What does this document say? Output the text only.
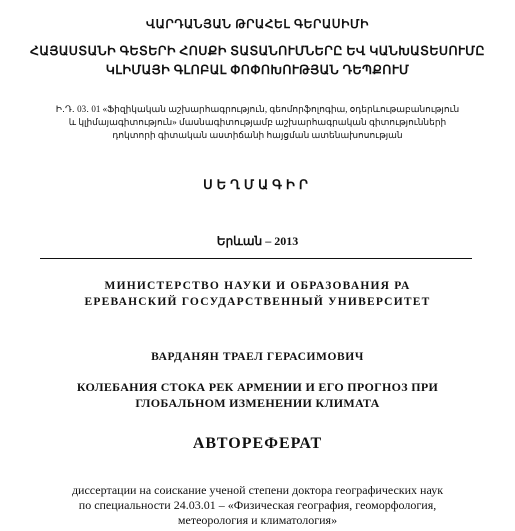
ՎԱՐԴԱՆՅԱՆ ԹՐԱՀԵԼ ԳԵՐԱՍԻՄԻ
ՀԱՅԱՍՏԱՆԻ ԳԵՏԵՐԻ ՀՈՍՔԻ ՏԱՏԱՆՈՒՄՆԵՐԸ ԵՎ ԿԱՆԽԱՏԵՍՈՒՄԸ
ԿԼԻՄԱՅԻ ԳԼՈԲԱԼ ՓՈՓՈԽՈՒԹՅԱՆ ԴԵՊՔՈՒՄ
Ի․Դ․ 03․ 01 «Ֆիզիկական աշխարհագրություն, գեոմորֆոլոգիա, օդերևութաբանություն
և կլիմայագիտություն» մասնագիտությամբ աշխարհագրական գիտությունների
դոկտորի գիտական աստիճանի հայցման ատենախոսության
ՍԵՂՄԱԳԻՐ
Երևան – 2013
МИНИСТЕРСТВО НАУКИ И ОБРАЗОВАНИЯ РА
ЕРЕВАНСКИЙ ГОСУДАРСТВЕННЫЙ УНИВЕРСИТЕТ
ВАРДАНЯН ТРАЕЛ ГЕРАСИМОВИЧ
КОЛЕБАНИЯ СТОКА РЕК АРМЕНИИ И ЕГО ПРОГНОЗ ПРИ
ГЛОБАЛЬНОМ ИЗМЕНЕНИИ КЛИМАТА
АВТОРЕФЕРАТ
диссертации на соискание ученой степени доктора географических наук
по специальности 24.03.01 – «Физическая география, геоморфология,
метеорология и климатология»
